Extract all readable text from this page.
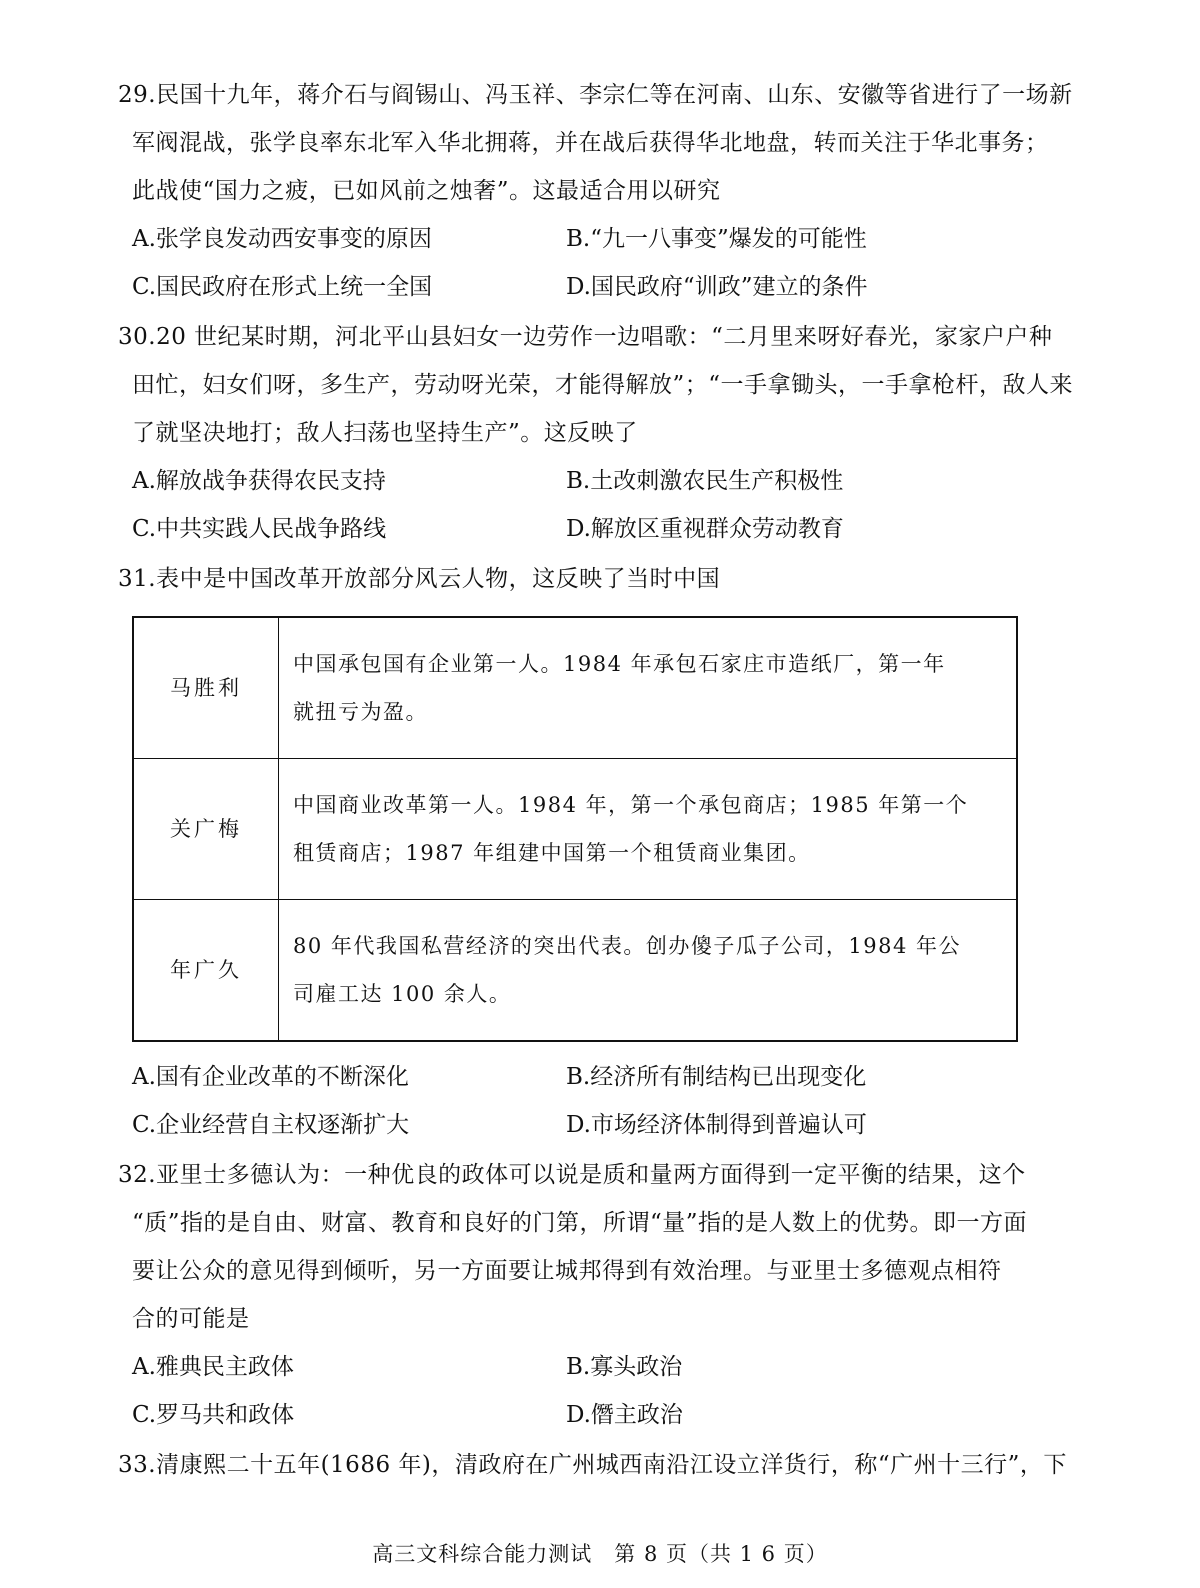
29.民国十九年，蒋介石与阎锡山、冯玉祥、李宗仁等在河南、山东、安徽等省进行了一场新
军阀混战，张学良率东北军入华北拥蒋，并在战后获得华北地盘，转而关注于华北事务；
此战使“国力之疲，已如风前之烛奢”。这最适合用以研究
A.张学良发动西安事变的原因	B.“九一八事变”爆发的可能性
C.国民政府在形式上统一全国	D.国民政府“训政”建立的条件
30.20 世纪某时期，河北平山县妇女一边劳作一边唱歌：“二月里来呀好春光，家家户户种
田忙，妇女们呀，多生产，劳动呀光荣，才能得解放”；“一手拿锄头，一手拿枪杆，敌人来
了就坚决地打；敌人扫荡也坚持生产”。这反映了
A.解放战争获得农民支持	B.土改刺激农民生产积极性
C.中共实践人民战争路线	D.解放区重视群众劳动教育
31.表中是中国改革开放部分风云人物，这反映了当时中国
马胜利	中国承包国有企业第一人。1984 年承包石家庄市造纸厂，第一年
就扭亏为盈。

关广梅	中国商业改革第一人。1984 年，第一个承包商店；1985 年第一个
租赁商店；1987 年组建中国第一个租赁商业集团。

年广久	80 年代我国私营经济的突出代表。创办傻子瓜子公司，1984 年公
司雇工达 100 余人。
A.国有企业改革的不断深化	B.经济所有制结构已出现变化
C.企业经营自主权逐渐扩大	D.市场经济体制得到普遍认可
32.亚里士多德认为：一种优良的政体可以说是质和量两方面得到一定平衡的结果，这个
“质”指的是自由、财富、教育和良好的门第，所谓“量”指的是人数上的优势。即一方面
要让公众的意见得到倾听，另一方面要让城邦得到有效治理。与亚里士多德观点相符
合的可能是
A.雅典民主政体	B.寡头政治
C.罗马共和政体	D.僭主政治
33.清康熙二十五年(1686 年)，清政府在广州城西南沿江设立洋货行，称“广州十三行”，下
高三文科综合能力测试　第 8 页（共 1 6 页）
